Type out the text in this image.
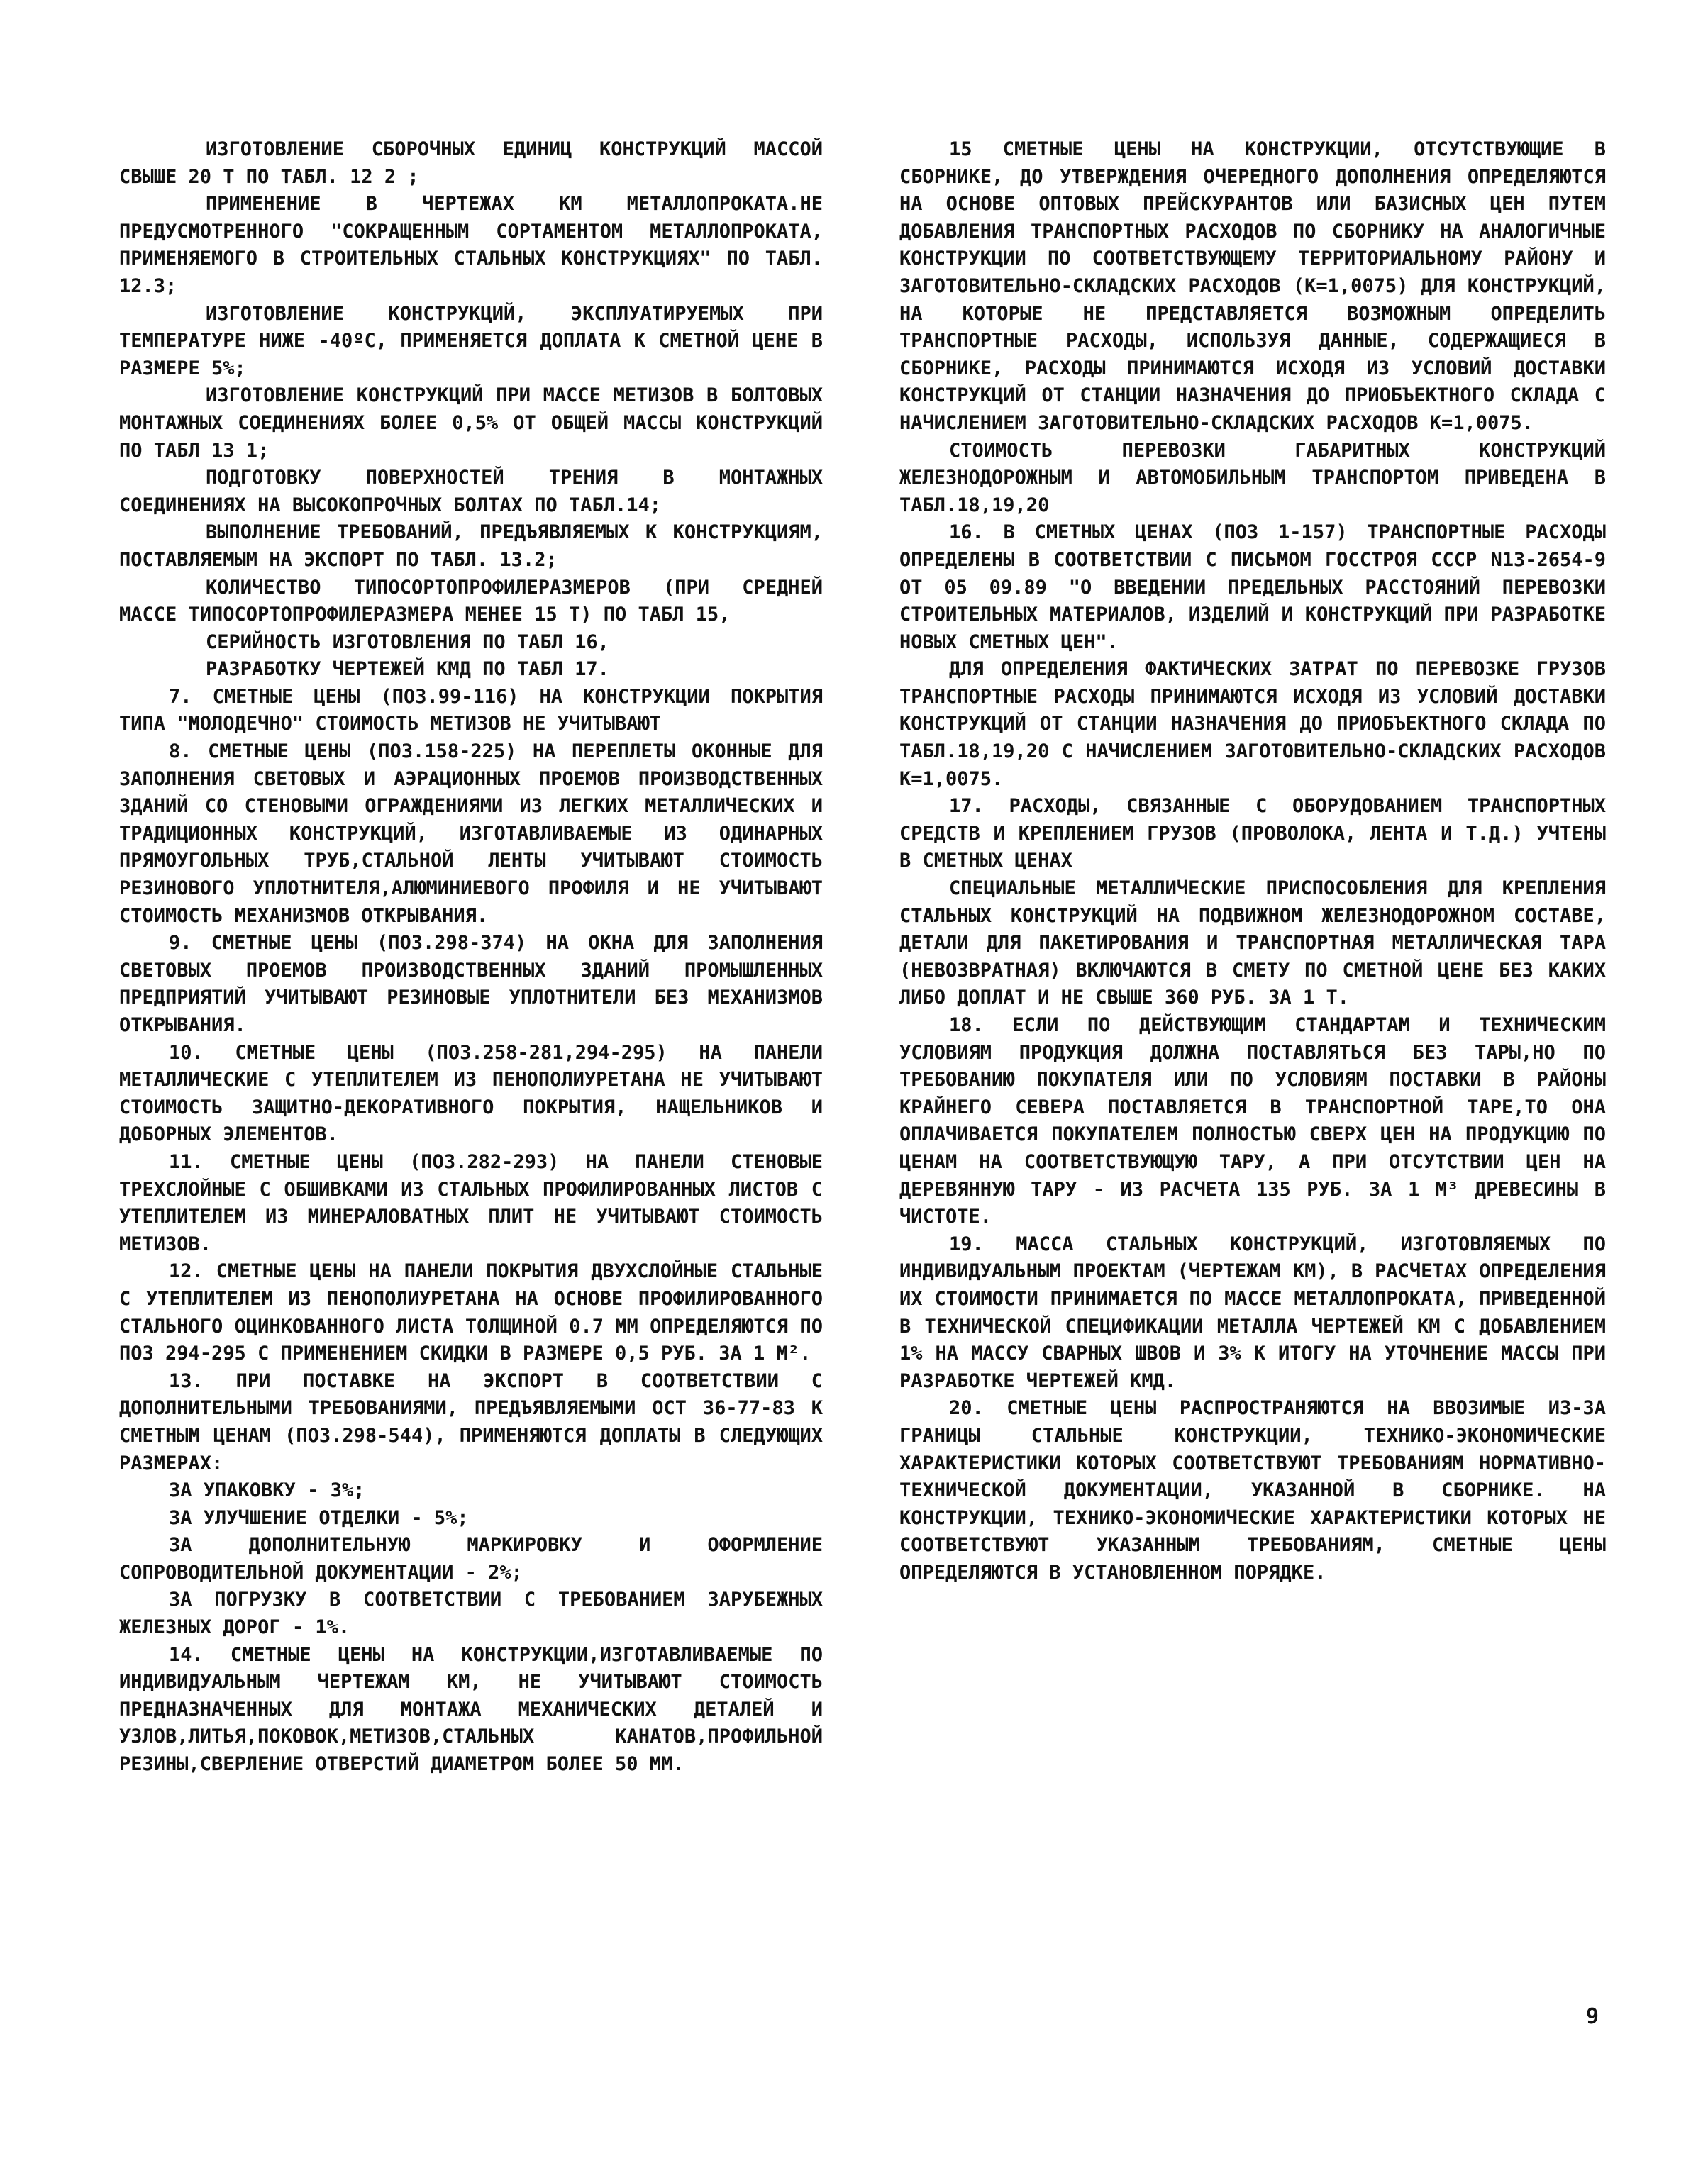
ИЗГОТОВЛЕНИЕ СБОРОЧНЫХ ЕДИНИЦ КОНСТРУКЦИЙ МАССОЙ СВЫШЕ 20 Т ПО ТАБЛ. 12 2 ;

ПРИМЕНЕНИЕ В ЧЕРТЕЖАХ КМ МЕТАЛЛОПРОКАТА.НЕ ПРЕДУСМОТРЕННОГО "СОКРАЩЕННЫМ СОРТАМЕНТОМ МЕТАЛЛОПРОКАТА, ПРИМЕНЯЕМОГО В СТРОИТЕЛЬНЫХ СТАЛЬНЫХ КОНСТРУКЦИЯХ" ПО ТАБЛ. 12.3;

ИЗГОТОВЛЕНИЕ КОНСТРУКЦИЙ, ЭКСПЛУАТИРУЕМЫХ ПРИ ТЕМПЕРАТУРЕ НИЖЕ -40ºС, ПРИМЕНЯЕТСЯ ДОПЛАТА К СМЕТНОЙ ЦЕНЕ В РАЗМЕРЕ 5%;

ИЗГОТОВЛЕНИЕ КОНСТРУКЦИЙ ПРИ МАССЕ МЕТИЗОВ В БОЛТОВЫХ МОНТАЖНЫХ СОЕДИНЕНИЯХ БОЛЕЕ 0,5% ОТ ОБЩЕЙ МАССЫ КОНСТРУКЦИЙ ПО ТАБЛ 13 1;

ПОДГОТОВКУ ПОВЕРХНОСТЕЙ ТРЕНИЯ В МОНТАЖНЫХ СОЕДИНЕНИЯХ НА ВЫСОКОПРОЧНЫХ БОЛТАХ ПО ТАБЛ.14;

ВЫПОЛНЕНИЕ ТРЕБОВАНИЙ, ПРЕДЪЯВЛЯЕМЫХ К КОНСТРУКЦИЯМ, ПОСТАВЛЯЕМЫМ НА ЭКСПОРТ ПО ТАБЛ. 13.2;

КОЛИЧЕСТВО ТИПОСОРТОПРОФИЛЕРАЗМЕРОВ (ПРИ СРЕДНЕЙ МАССЕ ТИПОСОРТОПРОФИЛЕРАЗМЕРА МЕНЕЕ 15 Т) ПО ТАБЛ 15,

СЕРИЙНОСТЬ ИЗГОТОВЛЕНИЯ ПО ТАБЛ 16,

РАЗРАБОТКУ ЧЕРТЕЖЕЙ КМД ПО ТАБЛ 17.

7. СМЕТНЫЕ ЦЕНЫ (ПОЗ.99-116) НА КОНСТРУКЦИИ ПОКРЫТИЯ ТИПА "МОЛОДЕЧНО" СТОИМОСТЬ МЕТИЗОВ НЕ УЧИТЫВАЮТ

8. СМЕТНЫЕ ЦЕНЫ (ПОЗ.158-225) НА ПЕРЕПЛЕТЫ ОКОННЫЕ ДЛЯ ЗАПОЛНЕНИЯ СВЕТОВЫХ И АЭРАЦИОННЫХ ПРОЕМОВ ПРОИЗВОДСТВЕННЫХ ЗДАНИЙ СО СТЕНОВЫМИ ОГРАЖДЕНИЯМИ ИЗ ЛЕГКИХ МЕТАЛЛИЧЕСКИХ И ТРАДИЦИОННЫХ КОНСТРУКЦИЙ, ИЗГОТАВЛИВАЕМЫЕ ИЗ ОДИНАРНЫХ ПРЯМОУГОЛЬНЫХ ТРУБ,СТАЛЬНОЙ ЛЕНТЫ УЧИТЫВАЮТ СТОИМОСТЬ РЕЗИНОВОГО УПЛОТНИТЕЛЯ,АЛЮМИНИЕВОГО ПРОФИЛЯ И НЕ УЧИТЫВАЮТ СТОИМОСТЬ МЕХАНИЗМОВ ОТКРЫВАНИЯ.

9. СМЕТНЫЕ ЦЕНЫ (ПОЗ.298-374) НА ОКНА ДЛЯ ЗАПОЛНЕНИЯ СВЕТОВЫХ ПРОЕМОВ ПРОИЗВОДСТВЕННЫХ ЗДАНИЙ ПРОМЫШЛЕННЫХ ПРЕДПРИЯТИЙ УЧИТЫВАЮТ РЕЗИНОВЫЕ УПЛОТНИТЕЛИ БЕЗ МЕХАНИЗМОВ ОТКРЫВАНИЯ.

10. СМЕТНЫЕ ЦЕНЫ (ПОЗ.258-281,294-295) НА ПАНЕЛИ МЕТАЛЛИЧЕСКИЕ С УТЕПЛИТЕЛЕМ ИЗ ПЕНОПОЛИУРЕТАНА НЕ УЧИТЫВАЮТ СТОИМОСТЬ ЗАЩИТНО-ДЕКОРАТИВНОГО ПОКРЫТИЯ, НАЩЕЛЬНИКОВ И ДОБОРНЫХ ЭЛЕМЕНТОВ.

11. СМЕТНЫЕ ЦЕНЫ (ПОЗ.282-293) НА ПАНЕЛИ СТЕНОВЫЕ ТРЕХСЛОЙНЫЕ С ОБШИВКАМИ ИЗ СТАЛЬНЫХ ПРОФИЛИРОВАННЫХ ЛИСТОВ С УТЕПЛИТЕЛЕМ ИЗ МИНЕРАЛОВАТНЫХ ПЛИТ НЕ УЧИТЫВАЮТ СТОИМОСТЬ МЕТИЗОВ.

12. СМЕТНЫЕ ЦЕНЫ НА ПАНЕЛИ ПОКРЫТИЯ ДВУХСЛОЙНЫЕ СТАЛЬНЫЕ С УТЕПЛИТЕЛЕМ ИЗ ПЕНОПОЛИУРЕТАНА НА ОСНОВЕ ПРОФИЛИРОВАННОГО СТАЛЬНОГО ОЦИНКОВАННОГО ЛИСТА ТОЛЩИНОЙ 0.7 ММ ОПРЕДЕЛЯЮТСЯ ПО ПОЗ 294-295 С ПРИМЕНЕНИЕМ СКИДКИ В РАЗМЕРЕ 0,5 РУБ. ЗА 1 М².

13. ПРИ ПОСТАВКЕ НА ЭКСПОРТ В СООТВЕТСТВИИ С ДОПОЛНИТЕЛЬНЫМИ ТРЕБОВАНИЯМИ, ПРЕДЪЯВЛЯЕМЫМИ ОСТ 36-77-83 К СМЕТНЫМ ЦЕНАМ (ПОЗ.298-544), ПРИМЕНЯЮТСЯ ДОПЛАТЫ В СЛЕДУЮЩИХ РАЗМЕРАХ:

ЗА УПАКОВКУ - 3%;

ЗА УЛУЧШЕНИЕ ОТДЕЛКИ - 5%;

ЗА ДОПОЛНИТЕЛЬНУЮ МАРКИРОВКУ И ОФОРМЛЕНИЕ СОПРОВОДИТЕЛЬНОЙ ДОКУМЕНТАЦИИ - 2%;

ЗА ПОГРУЗКУ В СООТВЕТСТВИИ С ТРЕБОВАНИЕМ ЗАРУБЕЖНЫХ ЖЕЛЕЗНЫХ ДОРОГ - 1%.

14. СМЕТНЫЕ ЦЕНЫ НА КОНСТРУКЦИИ,ИЗГОТАВЛИВАЕМЫЕ ПО ИНДИВИДУАЛЬНЫМ ЧЕРТЕЖАМ КМ, НЕ УЧИТЫВАЮТ СТОИМОСТЬ ПРЕДНАЗНАЧЕННЫХ ДЛЯ МОНТАЖА МЕХАНИЧЕСКИХ ДЕТАЛЕЙ И УЗЛОВ,ЛИТЬЯ,ПОКОВОК,МЕТИЗОВ,СТАЛЬНЫХ КАНАТОВ,ПРОФИЛЬНОЙ РЕЗИНЫ,СВЕРЛЕНИЕ ОТВЕРСТИЙ ДИАМЕТРОМ БОЛЕЕ 50 ММ.

15 СМЕТНЫЕ ЦЕНЫ НА КОНСТРУКЦИИ, ОТСУТСТВУЮЩИЕ В СБОРНИКЕ, ДО УТВЕРЖДЕНИЯ ОЧЕРЕДНОГО ДОПОЛНЕНИЯ ОПРЕДЕЛЯЮТСЯ НА ОСНОВЕ ОПТОВЫХ ПРЕЙСКУРАНТОВ ИЛИ БАЗИСНЫХ ЦЕН ПУТЕМ ДОБАВЛЕНИЯ ТРАНСПОРТНЫХ РАСХОДОВ ПО СБОРНИКУ НА АНАЛОГИЧНЫЕ КОНСТРУКЦИИ ПО СООТВЕТСТВУЮЩЕМУ ТЕРРИТОРИАЛЬНОМУ РАЙОНУ И ЗАГОТОВИТЕЛЬНО-СКЛАДСКИХ РАСХОДОВ (К=1,0075) ДЛЯ КОНСТРУКЦИЙ, НА КОТОРЫЕ НЕ ПРЕДСТАВЛЯЕТСЯ ВОЗМОЖНЫМ ОПРЕДЕЛИТЬ ТРАНСПОРТНЫЕ РАСХОДЫ, ИСПОЛЬЗУЯ ДАННЫЕ, СОДЕРЖАЩИЕСЯ В СБОРНИКЕ, РАСХОДЫ ПРИНИМАЮТСЯ ИСХОДЯ ИЗ УСЛОВИЙ ДОСТАВКИ КОНСТРУКЦИЙ ОТ СТАНЦИИ НАЗНАЧЕНИЯ ДО ПРИОБЪЕКТНОГО СКЛАДА С НАЧИСЛЕНИЕМ ЗАГОТОВИТЕЛЬНО-СКЛАДСКИХ РАСХОДОВ К=1,0075.

СТОИМОСТЬ ПЕРЕВОЗКИ ГАБАРИТНЫХ КОНСТРУКЦИЙ ЖЕЛЕЗНОДОРОЖНЫМ И АВТОМОБИЛЬНЫМ ТРАНСПОРТОМ ПРИВЕДЕНА В ТАБЛ.18,19,20

16. В СМЕТНЫХ ЦЕНАХ (ПОЗ 1-157) ТРАНСПОРТНЫЕ РАСХОДЫ ОПРЕДЕЛЕНЫ В СООТВЕТСТВИИ С ПИСЬМОМ ГОССТРОЯ СССР N13-2654-9 ОТ 05 09.89 "О ВВЕДЕНИИ ПРЕДЕЛЬНЫХ РАССТОЯНИЙ ПЕРЕВОЗКИ СТРОИТЕЛЬНЫХ МАТЕРИАЛОВ, ИЗДЕЛИЙ И КОНСТРУКЦИЙ ПРИ РАЗРАБОТКЕ НОВЫХ СМЕТНЫХ ЦЕН".

ДЛЯ ОПРЕДЕЛЕНИЯ ФАКТИЧЕСКИХ ЗАТРАТ ПО ПЕРЕВОЗКЕ ГРУЗОВ ТРАНСПОРТНЫЕ РАСХОДЫ ПРИНИМАЮТСЯ ИСХОДЯ ИЗ УСЛОВИЙ ДОСТАВКИ КОНСТРУКЦИЙ ОТ СТАНЦИИ НАЗНАЧЕНИЯ ДО ПРИОБЪЕКТНОГО СКЛАДА ПО ТАБЛ.18,19,20 С НАЧИСЛЕНИЕМ ЗАГОТОВИТЕЛЬНО-СКЛАДСКИХ РАСХОДОВ К=1,0075.

17. РАСХОДЫ, СВЯЗАННЫЕ С ОБОРУДОВАНИЕМ ТРАНСПОРТНЫХ СРЕДСТВ И КРЕПЛЕНИЕМ ГРУЗОВ (ПРОВОЛОКА, ЛЕНТА И Т.Д.) УЧТЕНЫ В СМЕТНЫХ ЦЕНАХ

СПЕЦИАЛЬНЫЕ МЕТАЛЛИЧЕСКИЕ ПРИСПОСОБЛЕНИЯ ДЛЯ КРЕПЛЕНИЯ СТАЛЬНЫХ КОНСТРУКЦИЙ НА ПОДВИЖНОМ ЖЕЛЕЗНОДОРОЖНОМ СОСТАВЕ, ДЕТАЛИ ДЛЯ ПАКЕТИРОВАНИЯ И ТРАНСПОРТНАЯ МЕТАЛЛИЧЕСКАЯ ТАРА (НЕВОЗВРАТНАЯ) ВКЛЮЧАЮТСЯ В СМЕТУ ПО СМЕТНОЙ ЦЕНЕ БЕЗ КАКИХ ЛИБО ДОПЛАТ И НЕ СВЫШЕ 360 РУБ. ЗА 1 Т.

18. ЕСЛИ ПО ДЕЙСТВУЮЩИМ СТАНДАРТАМ И ТЕХНИЧЕСКИМ УСЛОВИЯМ ПРОДУКЦИЯ ДОЛЖНА ПОСТАВЛЯТЬСЯ БЕЗ ТАРЫ,НО ПО ТРЕБОВАНИЮ ПОКУПАТЕЛЯ ИЛИ ПО УСЛОВИЯМ ПОСТАВКИ В РАЙОНЫ КРАЙНЕГО СЕВЕРА ПОСТАВЛЯЕТСЯ В ТРАНСПОРТНОЙ ТАРЕ,ТО ОНА ОПЛАЧИВАЕТСЯ ПОКУПАТЕЛЕМ ПОЛНОСТЬЮ СВЕРХ ЦЕН НА ПРОДУКЦИЮ ПО ЦЕНАМ НА СООТВЕТСТВУЮЩУЮ ТАРУ, А ПРИ ОТСУТСТВИИ ЦЕН НА ДЕРЕВЯННУЮ ТАРУ - ИЗ РАСЧЕТА 135 РУБ. ЗА 1 М³ ДРЕВЕСИНЫ В ЧИСТОТЕ.

19. МАССА СТАЛЬНЫХ КОНСТРУКЦИЙ, ИЗГОТОВЛЯЕМЫХ ПО ИНДИВИДУАЛЬНЫМ ПРОЕКТАМ (ЧЕРТЕЖАМ КМ), В РАСЧЕТАХ ОПРЕДЕЛЕНИЯ ИХ СТОИМОСТИ ПРИНИМАЕТСЯ ПО МАССЕ МЕТАЛЛОПРОКАТА, ПРИВЕДЕННОЙ В ТЕХНИЧЕСКОЙ СПЕЦИФИКАЦИИ МЕТАЛЛА ЧЕРТЕЖЕЙ КМ С ДОБАВЛЕНИЕМ 1% НА МАССУ СВАРНЫХ ШВОВ И 3% К ИТОГУ НА УТОЧНЕНИЕ МАССЫ ПРИ РАЗРАБОТКЕ ЧЕРТЕЖЕЙ КМД.

20. СМЕТНЫЕ ЦЕНЫ РАСПРОСТРАНЯЮТСЯ НА ВВОЗИМЫЕ ИЗ-ЗА ГРАНИЦЫ СТАЛЬНЫЕ КОНСТРУКЦИИ, ТЕХНИКО-ЭКОНОМИЧЕСКИЕ ХАРАКТЕРИСТИКИ КОТОРЫХ СООТВЕТСТВУЮТ ТРЕБОВАНИЯМ НОРМАТИВНО-ТЕХНИЧЕСКОЙ ДОКУМЕНТАЦИИ, УКАЗАННОЙ В СБОРНИКЕ. НА КОНСТРУКЦИИ, ТЕХНИКО-ЭКОНОМИЧЕСКИЕ ХАРАКТЕРИСТИКИ КОТОРЫХ НЕ СООТВЕТСТВУЮТ УКАЗАННЫМ ТРЕБОВАНИЯМ, СМЕТНЫЕ ЦЕНЫ ОПРЕДЕЛЯЮТСЯ В УСТАНОВЛЕННОМ ПОРЯДКЕ.

9
